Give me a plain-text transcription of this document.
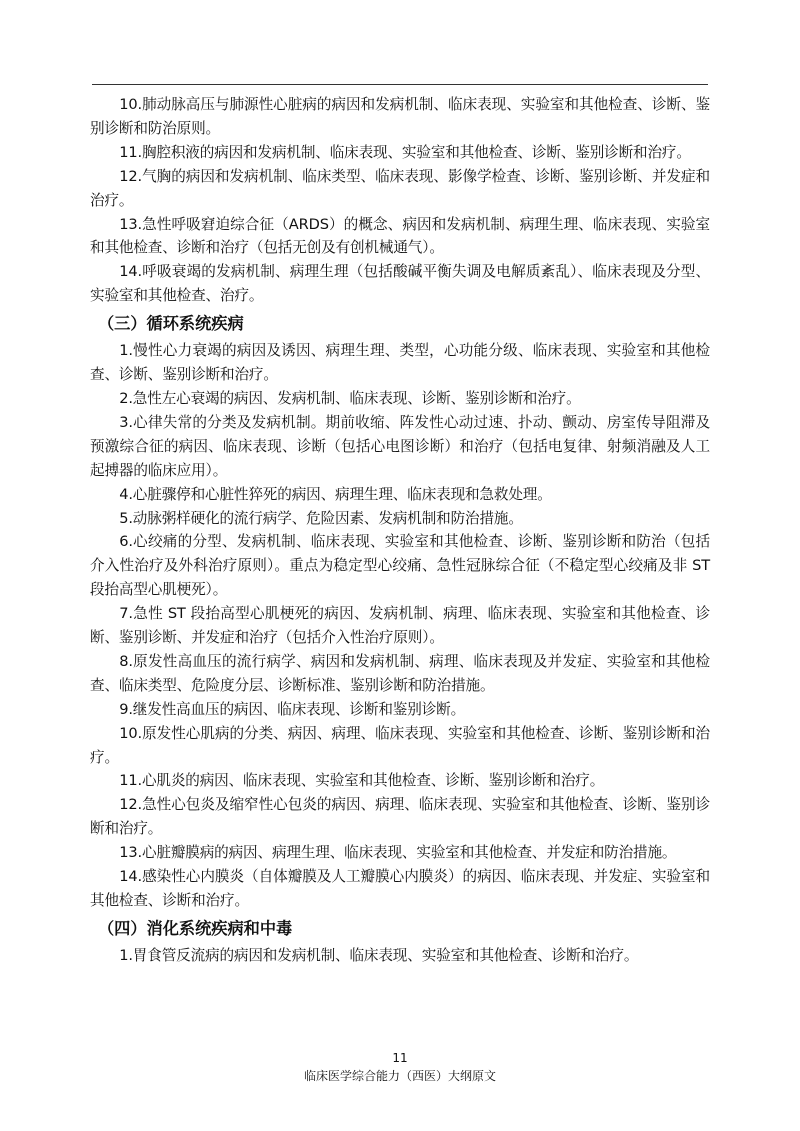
10.肺动脉高压与肺源性心脏病的病因和发病机制、临床表现、实验室和其他检查、诊断、鉴别诊断和防治原则。

11.胸腔积液的病因和发病机制、临床表现、实验室和其他检查、诊断、鉴别诊断和治疗。

12.气胸的病因和发病机制、临床类型、临床表现、影像学检查、诊断、鉴别诊断、并发症和治疗。

13.急性呼吸窘迫综合征（ARDS）的概念、病因和发病机制、病理生理、临床表现、实验室和其他检查、诊断和治疗（包括无创及有创机械通气）。

14.呼吸衰竭的发病机制、病理生理（包括酸碱平衡失调及电解质紊乱）、临床表现及分型、实验室和其他检查、治疗。

（三）循环系统疾病

1.慢性心力衰竭的病因及诱因、病理生理、类型，心功能分级、临床表现、实验室和其他检查、诊断、鉴别诊断和治疗。

2.急性左心衰竭的病因、发病机制、临床表现、诊断、鉴别诊断和治疗。

3.心律失常的分类及发病机制。期前收缩、阵发性心动过速、扑动、颤动、房室传导阻滞及预激综合征的病因、临床表现、诊断（包括心电图诊断）和治疗（包括电复律、射频消融及人工起搏器的临床应用）。

4.心脏骤停和心脏性猝死的病因、病理生理、临床表现和急救处理。

5.动脉粥样硬化的流行病学、危险因素、发病机制和防治措施。

6.心绞痛的分型、发病机制、临床表现、实验室和其他检查、诊断、鉴别诊断和防治（包括介入性治疗及外科治疗原则）。重点为稳定型心绞痛、急性冠脉综合征（不稳定型心绞痛及非 ST 段抬高型心肌梗死）。

7.急性 ST 段抬高型心肌梗死的病因、发病机制、病理、临床表现、实验室和其他检查、诊断、鉴别诊断、并发症和治疗（包括介入性治疗原则）。

8.原发性高血压的流行病学、病因和发病机制、病理、临床表现及并发症、实验室和其他检查、临床类型、危险度分层、诊断标准、鉴别诊断和防治措施。

9.继发性高血压的病因、临床表现、诊断和鉴别诊断。

10.原发性心肌病的分类、病因、病理、临床表现、实验室和其他检查、诊断、鉴别诊断和治疗。

11.心肌炎的病因、临床表现、实验室和其他检查、诊断、鉴别诊断和治疗。

12.急性心包炎及缩窄性心包炎的病因、病理、临床表现、实验室和其他检查、诊断、鉴别诊断和治疗。

13.心脏瓣膜病的病因、病理生理、临床表现、实验室和其他检查、并发症和防治措施。

14.感染性心内膜炎（自体瓣膜及人工瓣膜心内膜炎）的病因、临床表现、并发症、实验室和其他检查、诊断和治疗。

（四）消化系统疾病和中毒

1.胃食管反流病的病因和发病机制、临床表现、实验室和其他检查、诊断和治疗。

11
临床医学综合能力（西医）大纲原文
